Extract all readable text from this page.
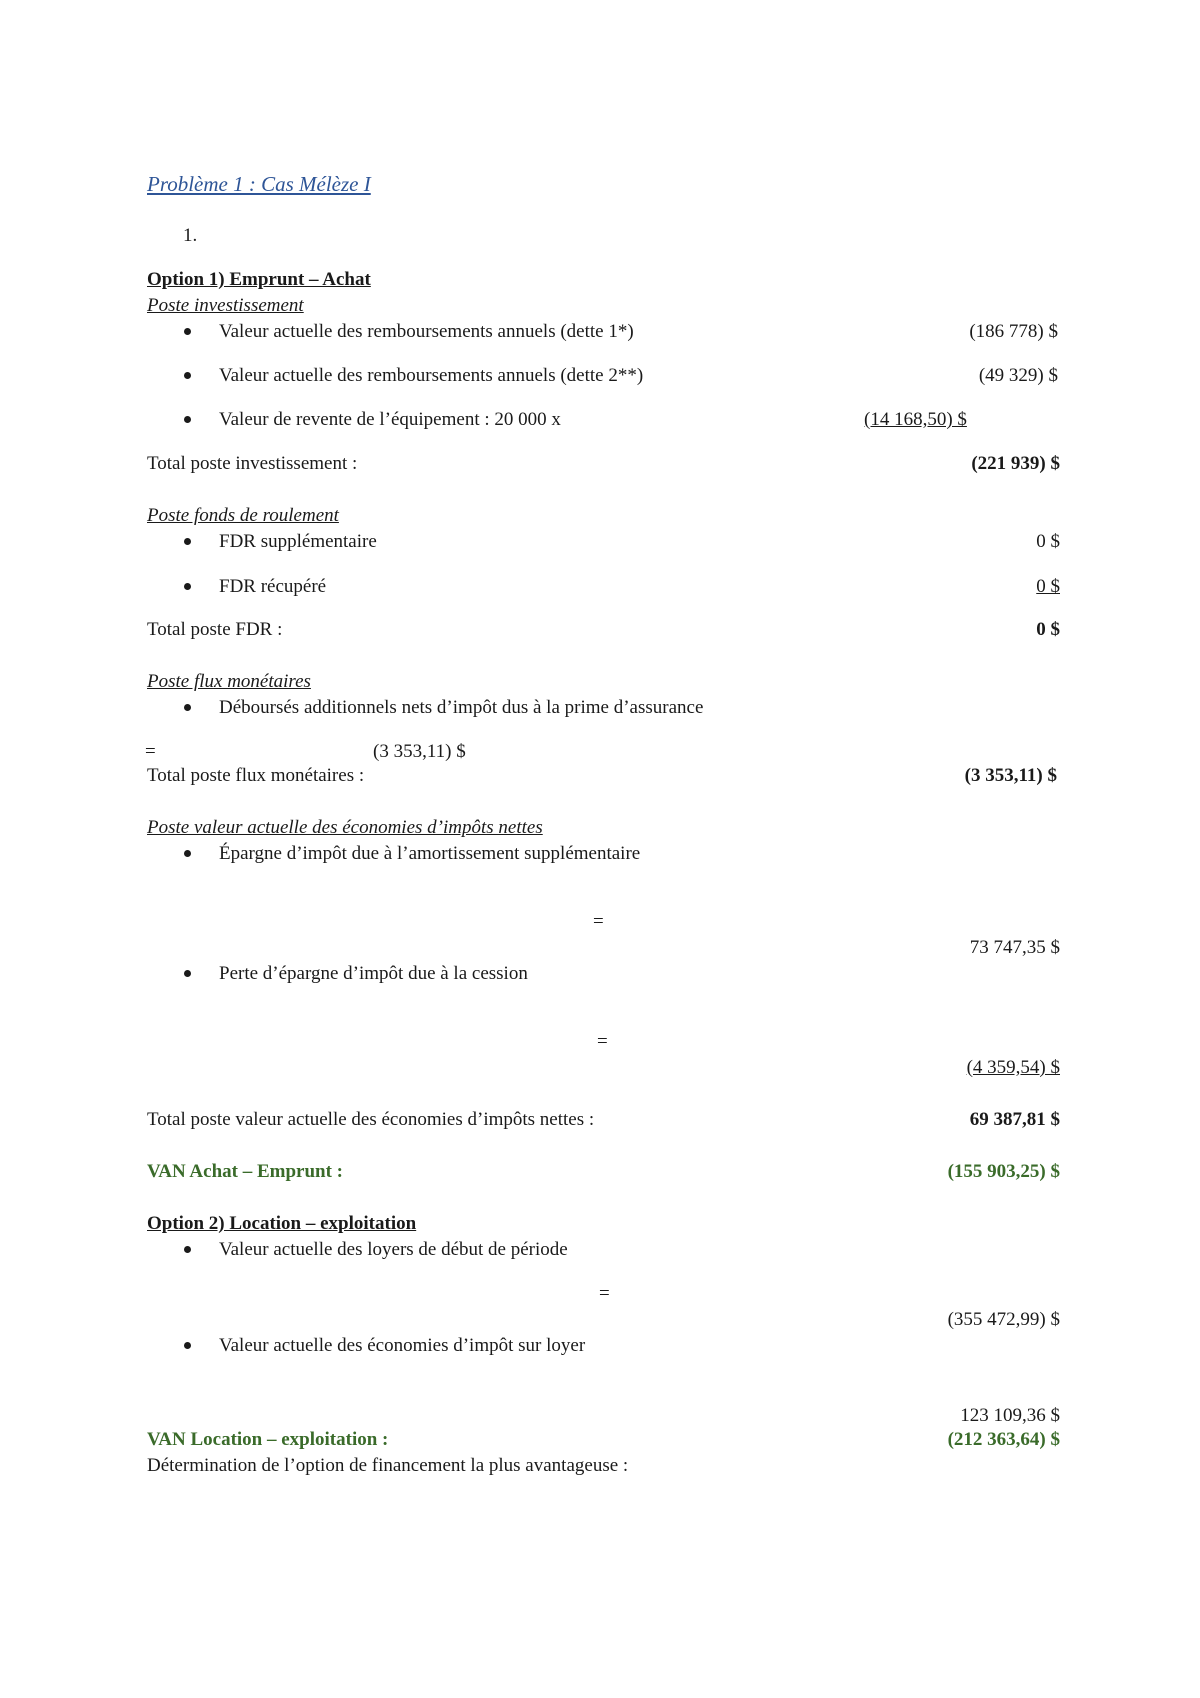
Problème 1 : Cas Mélèze I
1.
Option 1) Emprunt – Achat
Poste investissement
Valeur actuelle des remboursements annuels (dette 1*)	(186 778) $
Valeur actuelle des remboursements annuels (dette 2**)	(49 329) $
Valeur de revente de l’équipement : 20 000 x	(14 168,50) $
Total poste investissement :	(221 939) $
Poste fonds de roulement
FDR supplémentaire	0 $
FDR récupéré	0 $
Total poste FDR :	0 $
Poste flux monétaires
Déboursés additionnels nets d’impôt dus à la prime d’assurance
=	(3 353,11) $
Total poste flux monétaires :	(3 353,11) $
Poste valeur actuelle des économies d’impôts nettes
Épargne d’impôt due à l’amortissement supplémentaire
=
73 747,35 $
Perte d’épargne d’impôt due à la cession
=
(4 359,54) $
Total poste valeur actuelle des économies d’impôts nettes :	69 387,81 $
VAN Achat – Emprunt :	(155 903,25) $
Option 2) Location – exploitation
Valeur actuelle des loyers de début de période
=
(355 472,99) $
Valeur actuelle des économies d’impôt sur loyer
123 109,36 $
VAN Location – exploitation :	(212 363,64) $
Détermination de l’option de financement la plus avantageuse :
